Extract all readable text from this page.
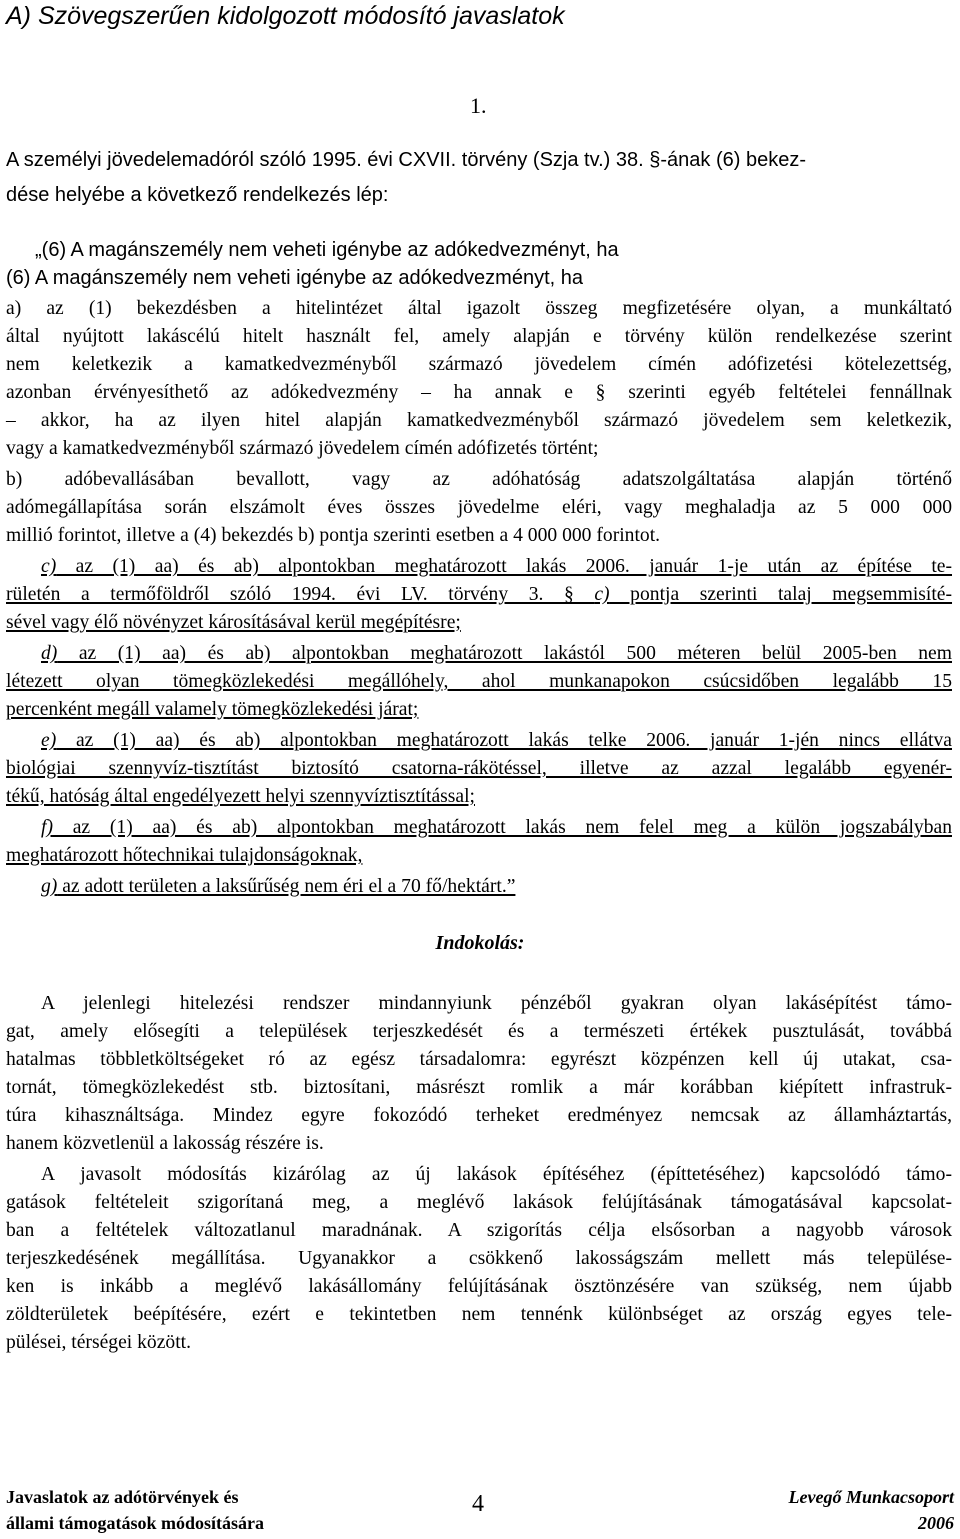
A) Szövegszerűen kidolgozott módosító javaslatok
1.
A személyi jövedelemadóról szóló 1995. évi CXVII. törvény (Szja tv.) 38. §-ának (6) bekez-
dése helyébe a következő rendelkezés lép:
„(6) A magánszemély nem veheti igénybe az adókedvezményt, ha
(6) A magánszemély nem veheti igénybe az adókedvezményt, ha
a) az (1) bekezdésben a hitelintézet által igazolt összeg megfizetésére olyan, a munkáltató
által nyújtott lakáscélú hitelt használt fel, amely alapján e törvény külön rendelkezése szerint
nem keletkezik a kamatkedvezményből származó jövedelem címén adófizetési kötelezettség,
azonban érvényesíthető az adókedvezmény – ha annak e § szerinti egyéb feltételei fennállnak
– akkor, ha az ilyen hitel alapján kamatkedvezményből származó jövedelem sem keletkezik,
vagy a kamatkedvezményből származó jövedelem címén adófizetés történt;
b) adóbevallásában bevallott, vagy az adóhatóság adatszolgáltatása alapján történő
adómegállapítása során elszámolt éves összes jövedelme eléri, vagy meghaladja az 5 000 000
millió forintot, illetve a (4) bekezdés b) pontja szerinti esetben a 4 000 000 forintot.
c) az (1) aa) és ab) alpontokban meghatározott lakás 2006. január 1-je után az építése te-
rületén a termőföldről szóló 1994. évi LV. törvény 3. § c) pontja szerinti talaj megsemmisíté-
sével vagy élő növényzet károsításával kerül megépítésre;
d) az (1) aa) és ab) alpontokban meghatározott lakástól 500 méteren belül 2005-ben nem
létezett olyan tömegközlekedési megállóhely, ahol munkanapokon csúcsidőben legalább 15
percenként megáll valamely tömegközlekedési járat;
e) az (1) aa) és ab) alpontokban meghatározott lakás telke 2006. január 1-jén nincs ellátva
biológiai szennyvíz-tisztítást biztosító csatorna-rákötéssel, illetve az azzal legalább egyenér-
tékű, hatóság által engedélyezett helyi szennyvíztisztítással;
f) az (1) aa) és ab) alpontokban meghatározott lakás nem felel meg a külön jogszabályban
meghatározott hőtechnikai tulajdonságoknak,
g) az adott területen a laksűrűség nem éri el a 70 fő/hektárt.”
Indokolás:
A jelenlegi hitelezési rendszer mindannyiunk pénzéből gyakran olyan lakásépítést támo-
gat, amely elősegíti a települések terjeszkedését és a természeti értékek pusztulását, továbbá
hatalmas többletköltségeket ró az egész társadalomra: egyrészt közpénzen kell új utakat, csa-
tornát, tömegközlekedést stb. biztosítani, másrészt romlik a már korábban kiépített infrastruk-
túra kihasználtsága. Mindez egyre fokozódó terheket eredményez nemcsak az államháztartás,
hanem közvetlenül a lakosság részére is.
A javasolt módosítás kizárólag az új lakások építéséhez (építtetéséhez) kapcsolódó támo-
gatások feltételeit szigorítaná meg, a meglévő lakások felújításának támogatásával kapcsolat-
ban a feltételek változatlanul maradnának. A szigorítás célja elsősorban a nagyobb városok
terjeszkedésének megállítása. Ugyanakkor a csökkenő lakosságszám mellett más települése-
ken is inkább a meglévő lakásállomány felújításának ösztönzésére van szükség, nem újabb
zöldterületek beépítésére, ezért e tekintetben nem tennénk különbséget az ország egyes tele-
pülései, térségei között.
Javaslatok az adótörvények és
állami támogatások módosítására
4	Levegő Munkacsoport
2006
